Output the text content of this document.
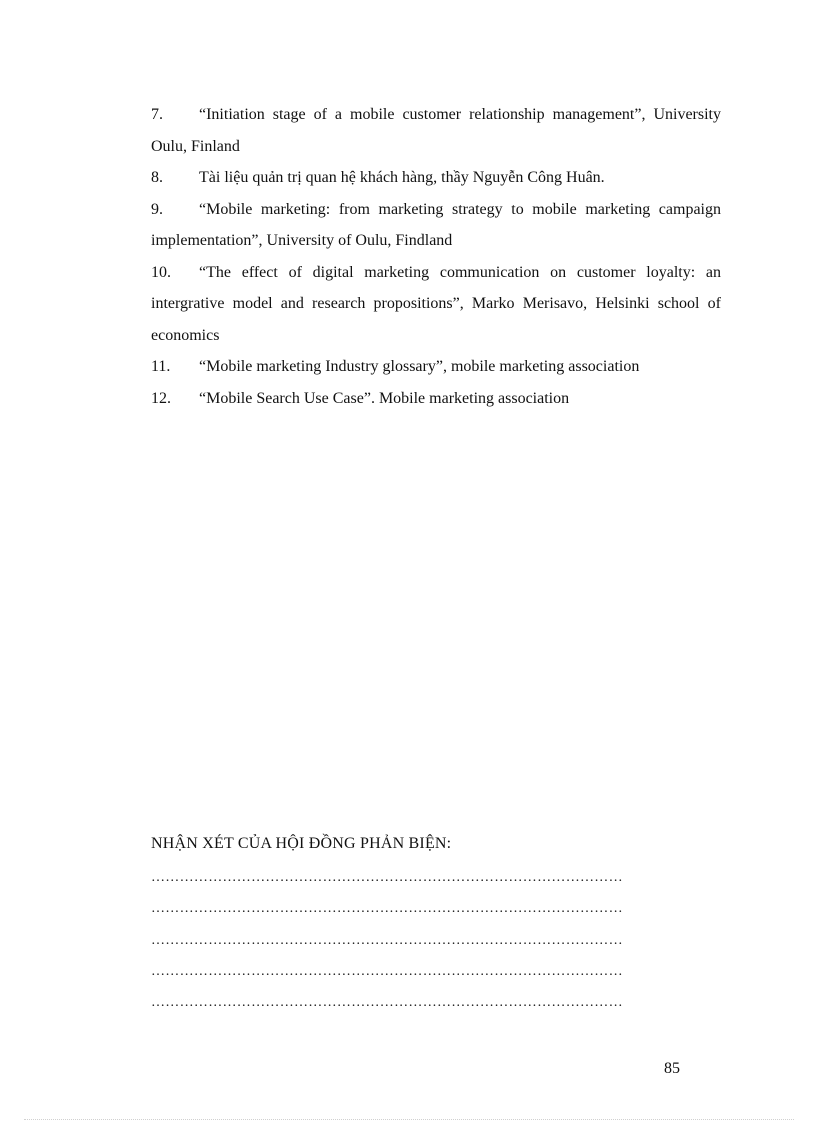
7. “Initiation stage of a mobile customer relationship management”, University Oulu, Finland

8. Tài liệu quản trị quan hệ khách hàng, thầy Nguyễn Công Huân.

9. “Mobile marketing: from marketing strategy to mobile marketing campaign implementation”, University of Oulu, Findland

10. “The effect of digital marketing communication on customer loyalty: an intergrative model and research propositions”, Marko Merisavo, Helsinki school of economics

11. “Mobile marketing Industry glossary”, mobile marketing association

12. “Mobile Search Use Case”. Mobile marketing association

NHẬN XÉT CỦA HỘI ĐỒNG PHẢN BIỆN:

………………………………………………………………………………………

………………………………………………………………………………………

………………………………………………………………………………………

………………………………………………………………………………………

………………………………………………………………………………………

85
